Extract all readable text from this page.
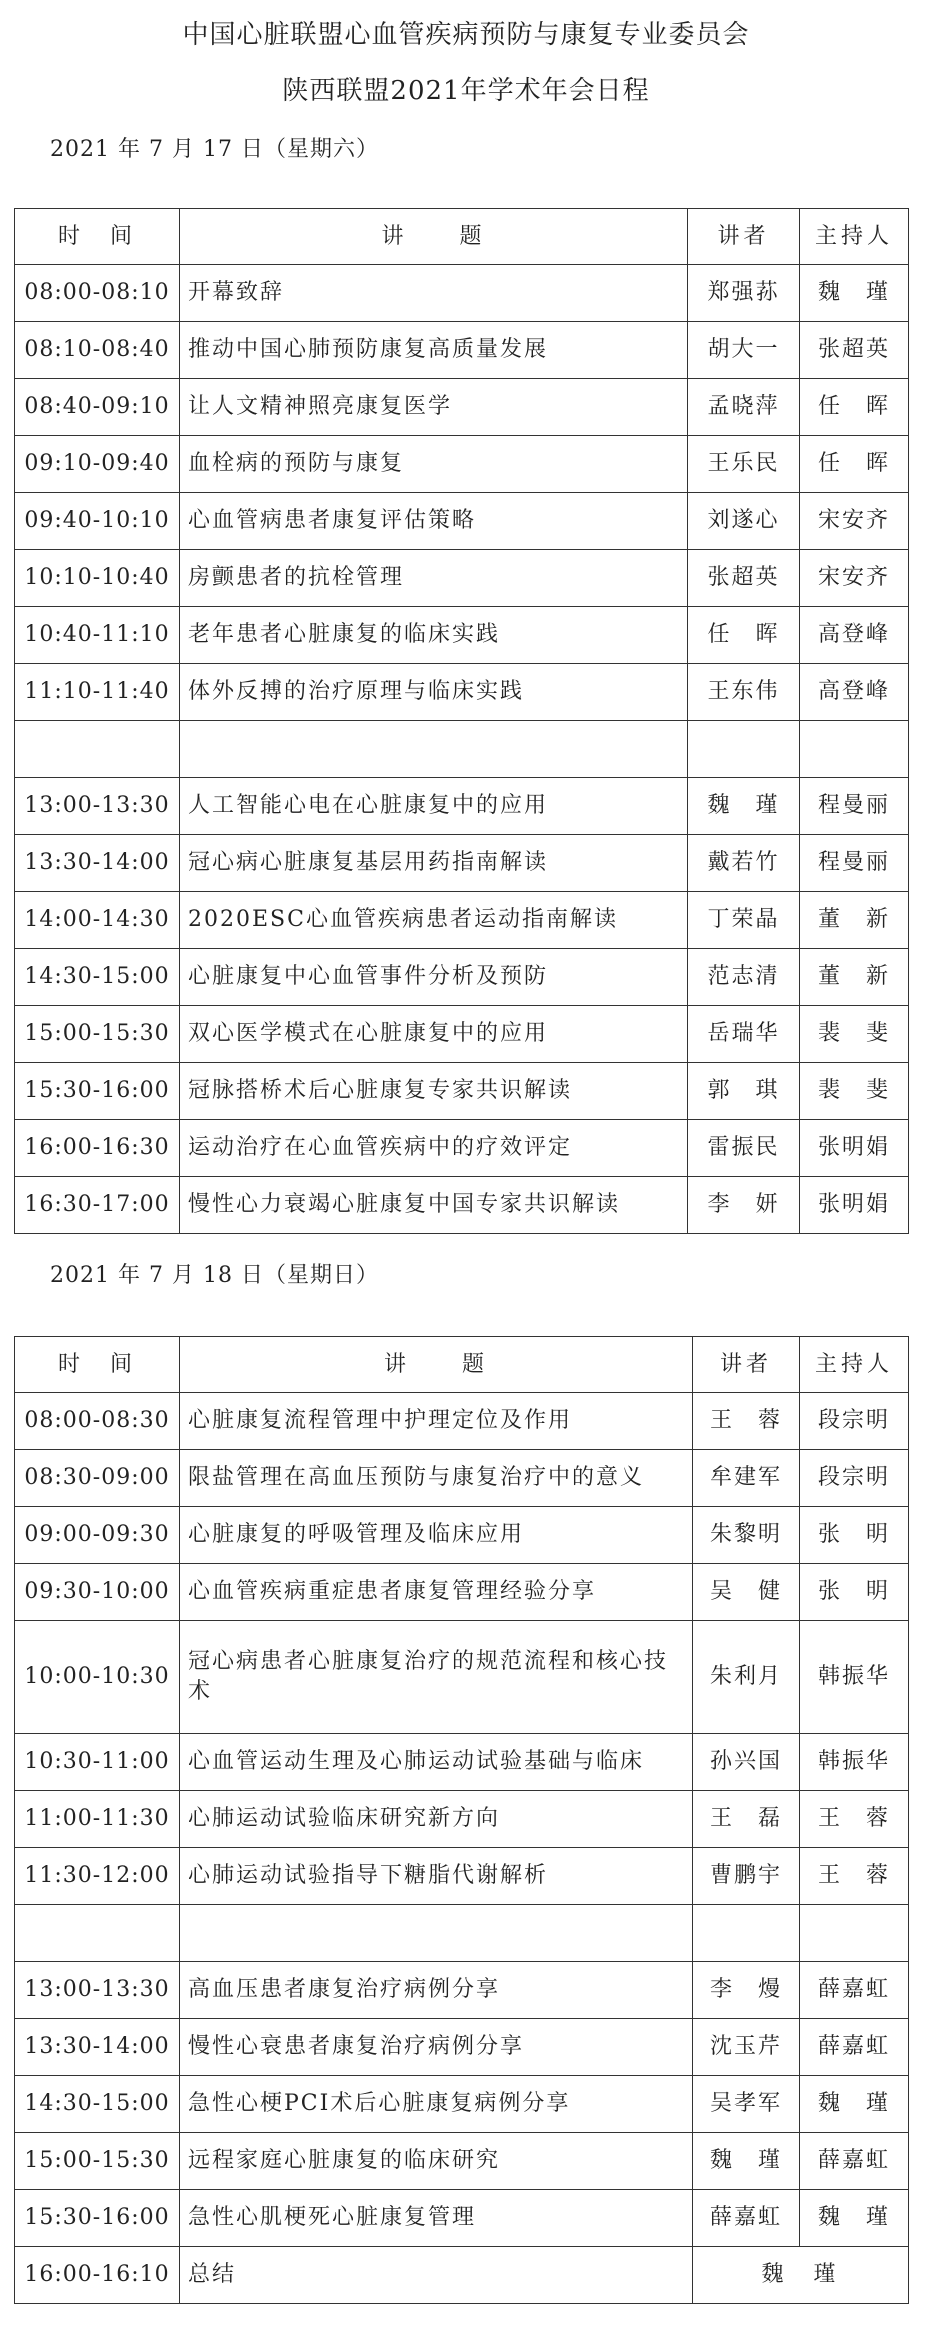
中国心脏联盟心血管疾病预防与康复专业委员会
陕西联盟2021年学术年会日程
2021 年 7 月 17 日（星期六）
时　间	讲　　题	讲者	主持人
08:00-08:10	开幕致辞	郑强荪	魏　瑾
08:10-08:40	推动中国心肺预防康复高质量发展	胡大一	张超英
08:40-09:10	让人文精神照亮康复医学	孟晓萍	任　晖
09:10-09:40	血栓病的预防与康复	王乐民	任　晖
09:40-10:10	心血管病患者康复评估策略	刘遂心	宋安齐
10:10-10:40	房颤患者的抗栓管理	张超英	宋安齐
10:40-11:10	老年患者心脏康复的临床实践	任　晖	高登峰
11:10-11:40	体外反搏的治疗原理与临床实践	王东伟	高登峰

13:00-13:30	人工智能心电在心脏康复中的应用	魏　瑾	程曼丽
13:30-14:00	冠心病心脏康复基层用药指南解读	戴若竹	程曼丽
14:00-14:30	2020ESC心血管疾病患者运动指南解读	丁荣晶	董　新
14:30-15:00	心脏康复中心血管事件分析及预防	范志清	董　新
15:00-15:30	双心医学模式在心脏康复中的应用	岳瑞华	裴　斐
15:30-16:00	冠脉搭桥术后心脏康复专家共识解读	郭　琪	裴　斐
16:00-16:30	运动治疗在心血管疾病中的疗效评定	雷振民	张明娟
16:30-17:00	慢性心力衰竭心脏康复中国专家共识解读	李　妍	张明娟
2021 年 7 月 18 日（星期日）
时　间	讲　　题	讲者	主持人
08:00-08:30	心脏康复流程管理中护理定位及作用	王　蓉	段宗明
08:30-09:00	限盐管理在高血压预防与康复治疗中的意义	牟建军	段宗明
09:00-09:30	心脏康复的呼吸管理及临床应用	朱黎明	张　明
09:30-10:00	心血管疾病重症患者康复管理经验分享	吴　健	张　明
10:00-10:30	冠心病患者心脏康复治疗的规范流程和核心技术	朱利月	韩振华
10:30-11:00	心血管运动生理及心肺运动试验基础与临床	孙兴国	韩振华
11:00-11:30	心肺运动试验临床研究新方向	王　磊	王　蓉
11:30-12:00	心肺运动试验指导下糖脂代谢解析	曹鹏宇	王　蓉

13:00-13:30	高血压患者康复治疗病例分享	李　熳	薛嘉虹
13:30-14:00	慢性心衰患者康复治疗病例分享	沈玉芹	薛嘉虹
14:30-15:00	急性心梗PCI术后心脏康复病例分享	吴孝军	魏　瑾
15:00-15:30	远程家庭心脏康复的临床研究	魏　瑾	薛嘉虹
15:30-16:00	急性心肌梗死心脏康复管理	薛嘉虹	魏　瑾
16:00-16:10	总结	魏　瑾	
